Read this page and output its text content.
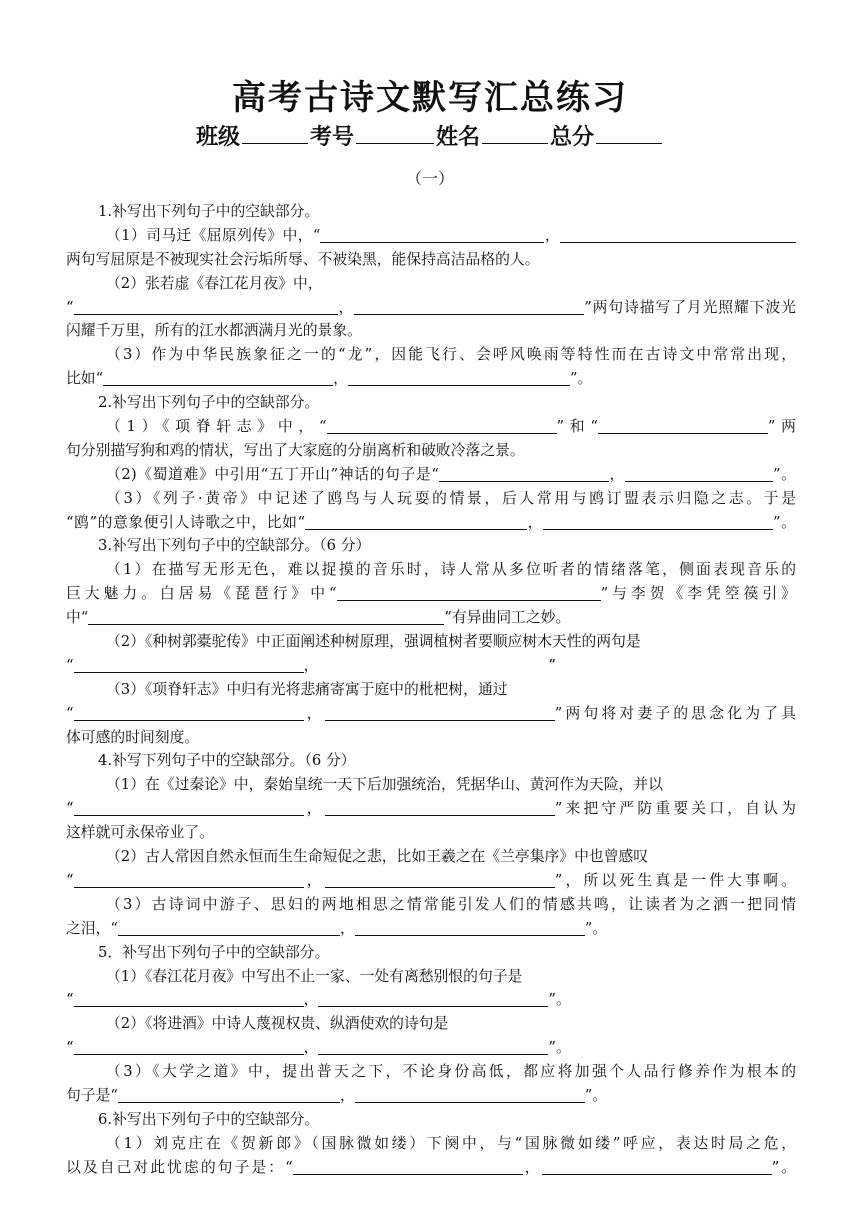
高考古诗文默写汇总练习
班级	考号	姓名	总分
（一）
1.补写出下列句子中的空缺部分。
（1）司马迁《屈原列传》中，“	，
两句写屈原是不被现实社会污垢所辱、不被染黑，能保持高洁品格的人。
（2）张若虚《春江花月夜》中，
“	，	”两句诗描写了月光照耀下波光
闪耀千万里，所有的江水都洒满月光的景象。
（3）作为中华民族象征之一的“龙”，因能飞行、会呼风唤雨等特性而在古诗文中常常出现，
比如“	，	”。
2.补写出下列句子中的空缺部分。
（1）《项脊轩志》中，“	”和“	”两
句分别描写狗和鸡的情状，写出了大家庭的分崩离析和破败冷落之景。
（2)《蜀道难》中引用“五丁开山”神话的句子是“	，	”。
（3）《列子·黄帝》中记述了鸥鸟与人玩耍的情景，后人常用与鸥订盟表示归隐之志。于是
“鸥”的意象便引人诗歌之中，比如“	，	”。
3.补写出下列句子中的空缺部分。（6 分）
（1）在描写无形无色，难以捉摸的音乐时，诗人常从多位听者的情绪落笔，侧面表现音乐的
巨大魅力。白居易《琵琶行》中“	”与李贺《李凭箜篌引》
中“	”有异曲同工之妙。
（2）《种树郭橐驼传》中正面阐述种树原理，强调植树者要顺应树木天性的两句是
“	，	”
（3）《项脊轩志》中归有光将悲痛寄寓于庭中的枇杷树，通过
“	，	”两句将对妻子的思念化为了具
体可感的时间刻度。
4.补写下列句子中的空缺部分。（6 分）
（1）在《过秦论》中，秦始皇统一天下后加强统治，凭据华山、黄河作为天险，并以
“	，	”来把守严防重要关口，自认为
这样就可永保帝业了。
（2）古人常因自然永恒而生生命短促之悲，比如王羲之在《兰亭集序》中也曾感叹
“	，	”，所以死生真是一件大事啊。
（3）古诗词中游子、思妇的两地相思之情常能引发人们的情感共鸣，让读者为之洒一把同情
之泪，“	，	”。
5．补写出下列句子中的空缺部分。
（1）《春江花月夜》中写出不止一家、一处有离愁别恨的句子是
“	，	”。
（2）《将进酒》中诗人蔑视权贵、纵酒使欢的诗句是
“	，	”。
（3）《大学之道》中，提出普天之下，不论身份高低，都应将加强个人品行修养作为根本的
句子是“	，	”。
6.补写出下列句子中的空缺部分。
（1）刘克庄在《贺新郎》（国脉微如缕）下阕中，与“国脉微如缕”呼应，表达时局之危，
以及自己对此忧虑的句子是：“	，	”。
